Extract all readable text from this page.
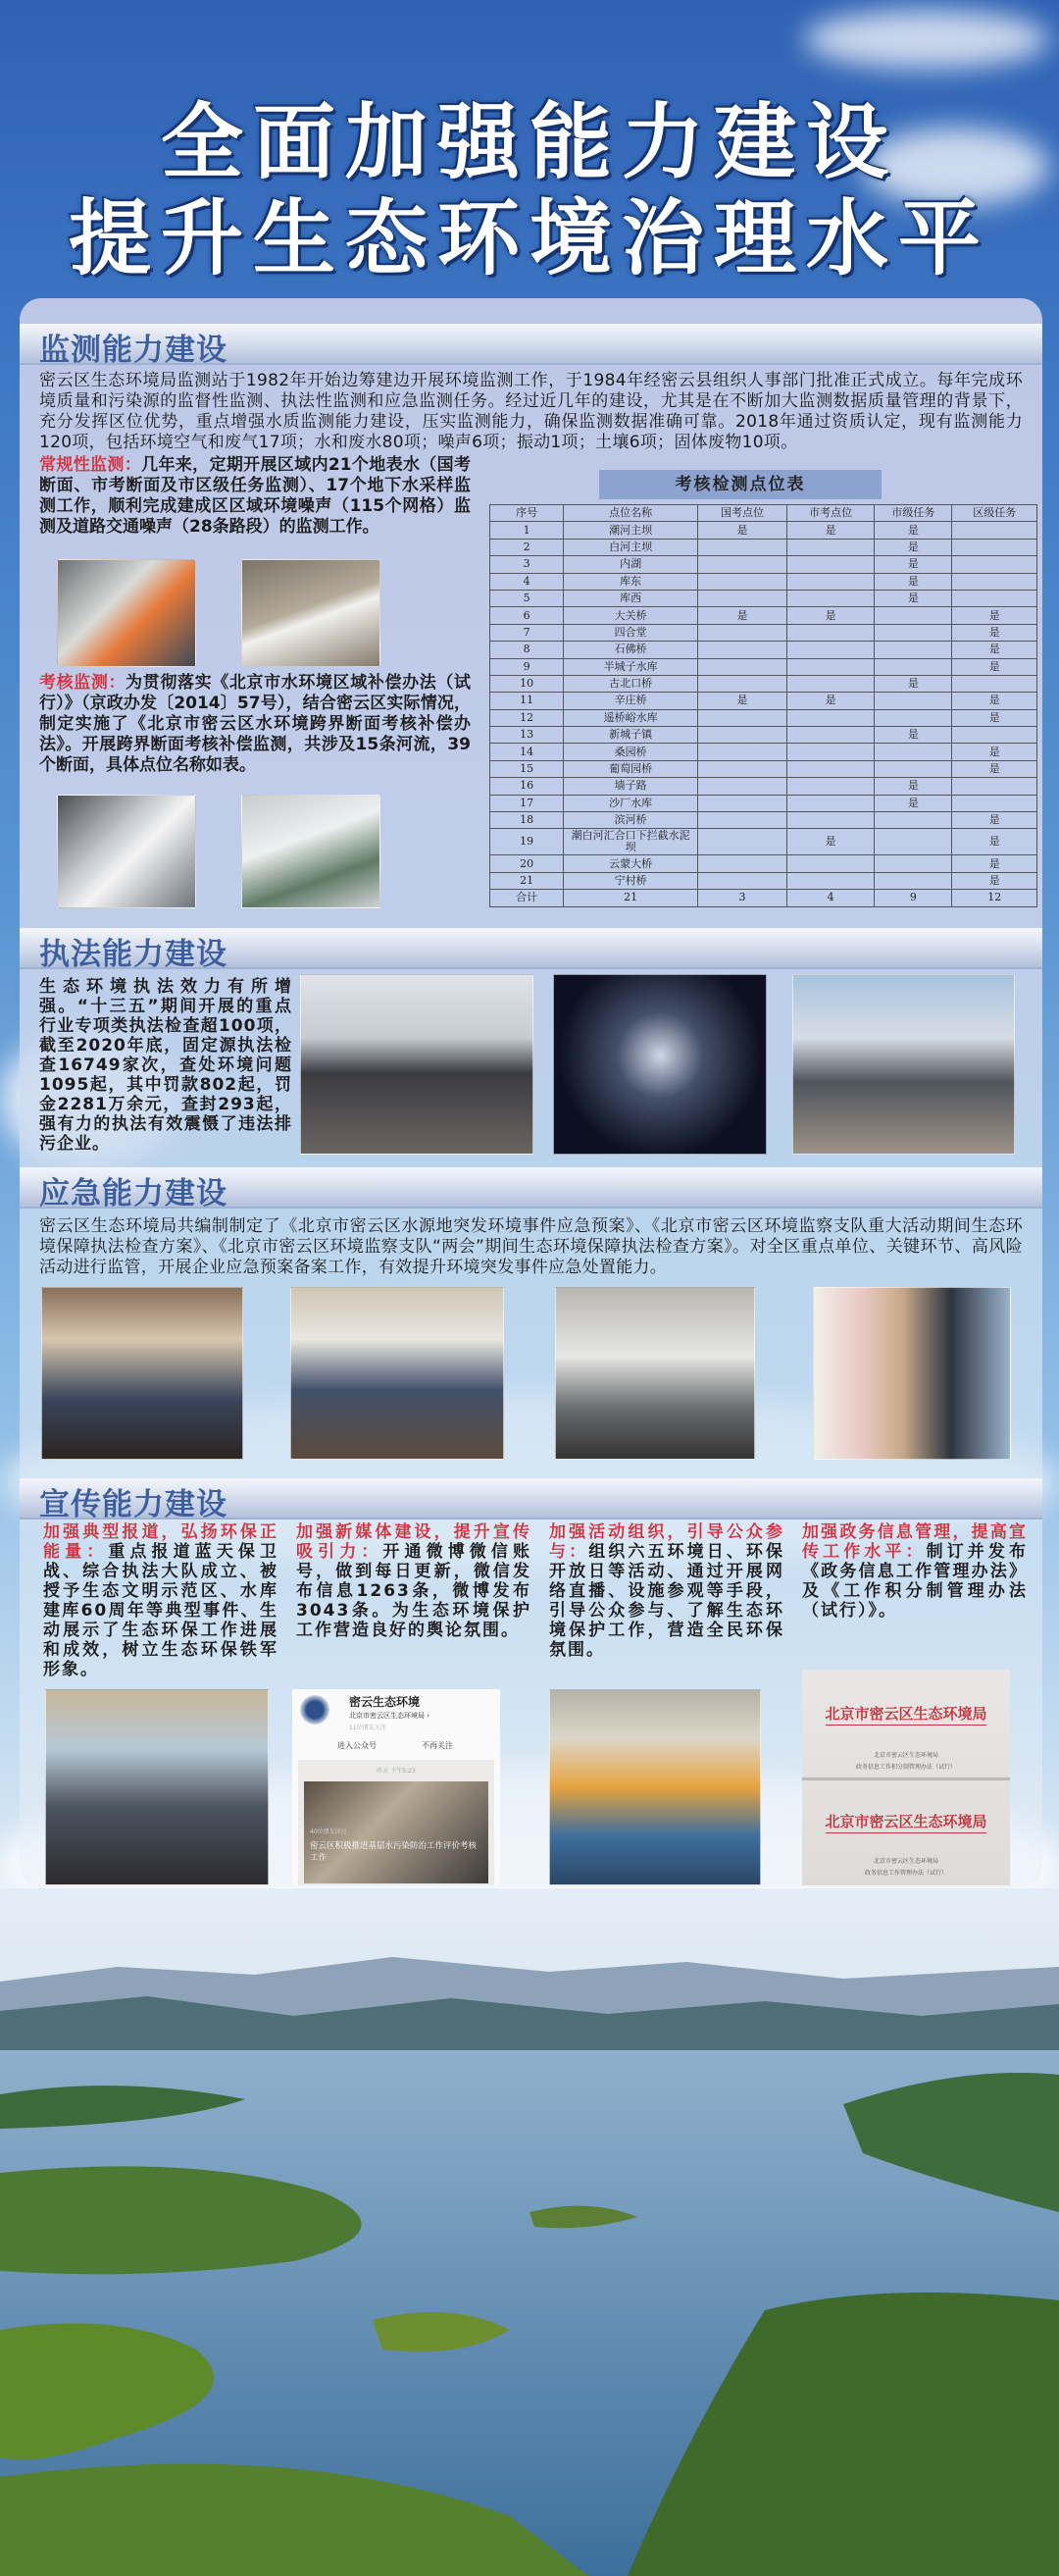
全面加强能力建设
提升生态环境治理水平
监测能力建设
密云区生态环境局监测站于1982年开始边筹建边开展环境监测工作，于1984年经密云县组织人事部门批准正式成立。每年完成环境质量和污染源的监督性监测、执法性监测和应急监测任务。经过近几年的建设，尤其是在不断加大监测数据质量管理的背景下，充分发挥区位优势，重点增强水质监测能力建设，压实监测能力，确保监测数据准确可靠。2018年通过资质认定，现有监测能力120项，包括环境空气和废气17项；水和废水80项；噪声6项；振动1项；土壤6项；固体废物10项。
常规性监测：几年来，定期开展区域内21个地表水（国考断面、市考断面及市区级任务监测）、17个地下水采样监测工作，顺利完成建成区区域环境噪声（115个网格）监测及道路交通噪声（28条路段）的监测工作。
考核监测：为贯彻落实《北京市水环境区域补偿办法（试行）》（京政办发〔2014〕57号），结合密云区实际情况，制定实施了《北京市密云区水环境跨界断面考核补偿办法》。开展跨界断面考核补偿监测，共涉及15条河流，39个断面，具体点位名称如表。
考核检测点位表
序号	点位名称	国考点位	市考点位	市级任务	区级任务
1	潮河主坝	是	是	是	
2	白河主坝			是	
3	内湖			是	
4	库东			是	
5	库西			是	
6	大关桥	是	是		是
7	四合堂				是
8	石佛桥				是
9	半城子水库				是
10	古北口桥			是	
11	辛庄桥	是	是		是
12	遥桥峪水库				是
13	新城子镇			是	
14	桑园桥				是
15	葡萄园桥				是
16	墙子路			是	
17	沙厂水库			是	
18	滨河桥				是
19	潮白河汇合口下拦截水泥坝		是		是
20	云蒙大桥				是
21	宁村桥				是
合计	21	3	4	9	12
执法能力建设
生态环境执法效力有所增强。“十三五”期间开展的重点行业专项类执法检查超100项，截至2020年底，固定源执法检查16749家次，查处环境问题1095起，其中罚款802起，罚金2281万余元，查封293起，强有力的执法有效震慑了违法排污企业。
应急能力建设
密云区生态环境局共编制制定了《北京市密云区水源地突发环境事件应急预案》、《北京市密云区环境监察支队重大活动期间生态环境保障执法检查方案》、《北京市密云区环境监察支队“两会”期间生态环境保障执法检查方案》。对全区重点单位、关键环节、高风险活动进行监管，开展企业应急预案备案工作，有效提升环境突发事件应急处置能力。
宣传能力建设
加强典型报道，弘扬环保正能量：重点报道蓝天保卫战、综合执法大队成立、被授予生态文明示范区、水库建库60周年等典型事件、生动展示了生态环保工作进展和成效，树立生态环保铁军形象。
加强新媒体建设，提升宣传吸引力：开通微博微信账号，做到每日更新，微信发布信息1263条，微博发布3043条。为生态环境保护工作营造良好的舆论氛围。
加强活动组织，引导公众参与：组织六五环境日、环保开放日等活动、通过开展网络直播、设施参观等手段，引导公众参与、了解生态环境保护工作，营造全民环保氛围。
加强政务信息管理，提高宣传工作水平：制订并发布《政务信息工作管理办法》及《工作积分制管理办法（试行）》。
密云生态环境
北京市密云区生态环境局 ›
11位朋友关注
进入公众号	不再关注
昨天 下午5:23
40位朋友读过
密云区积极推进基层水污染防治工作评价考核工作
北京市密云区生态环境局
北京市密云区生态环境局
政务信息工作积分制管理办法（试行）
北京市密云区生态环境局
北京市密云区生态环境局
政务信息工作管理办法（试行）
